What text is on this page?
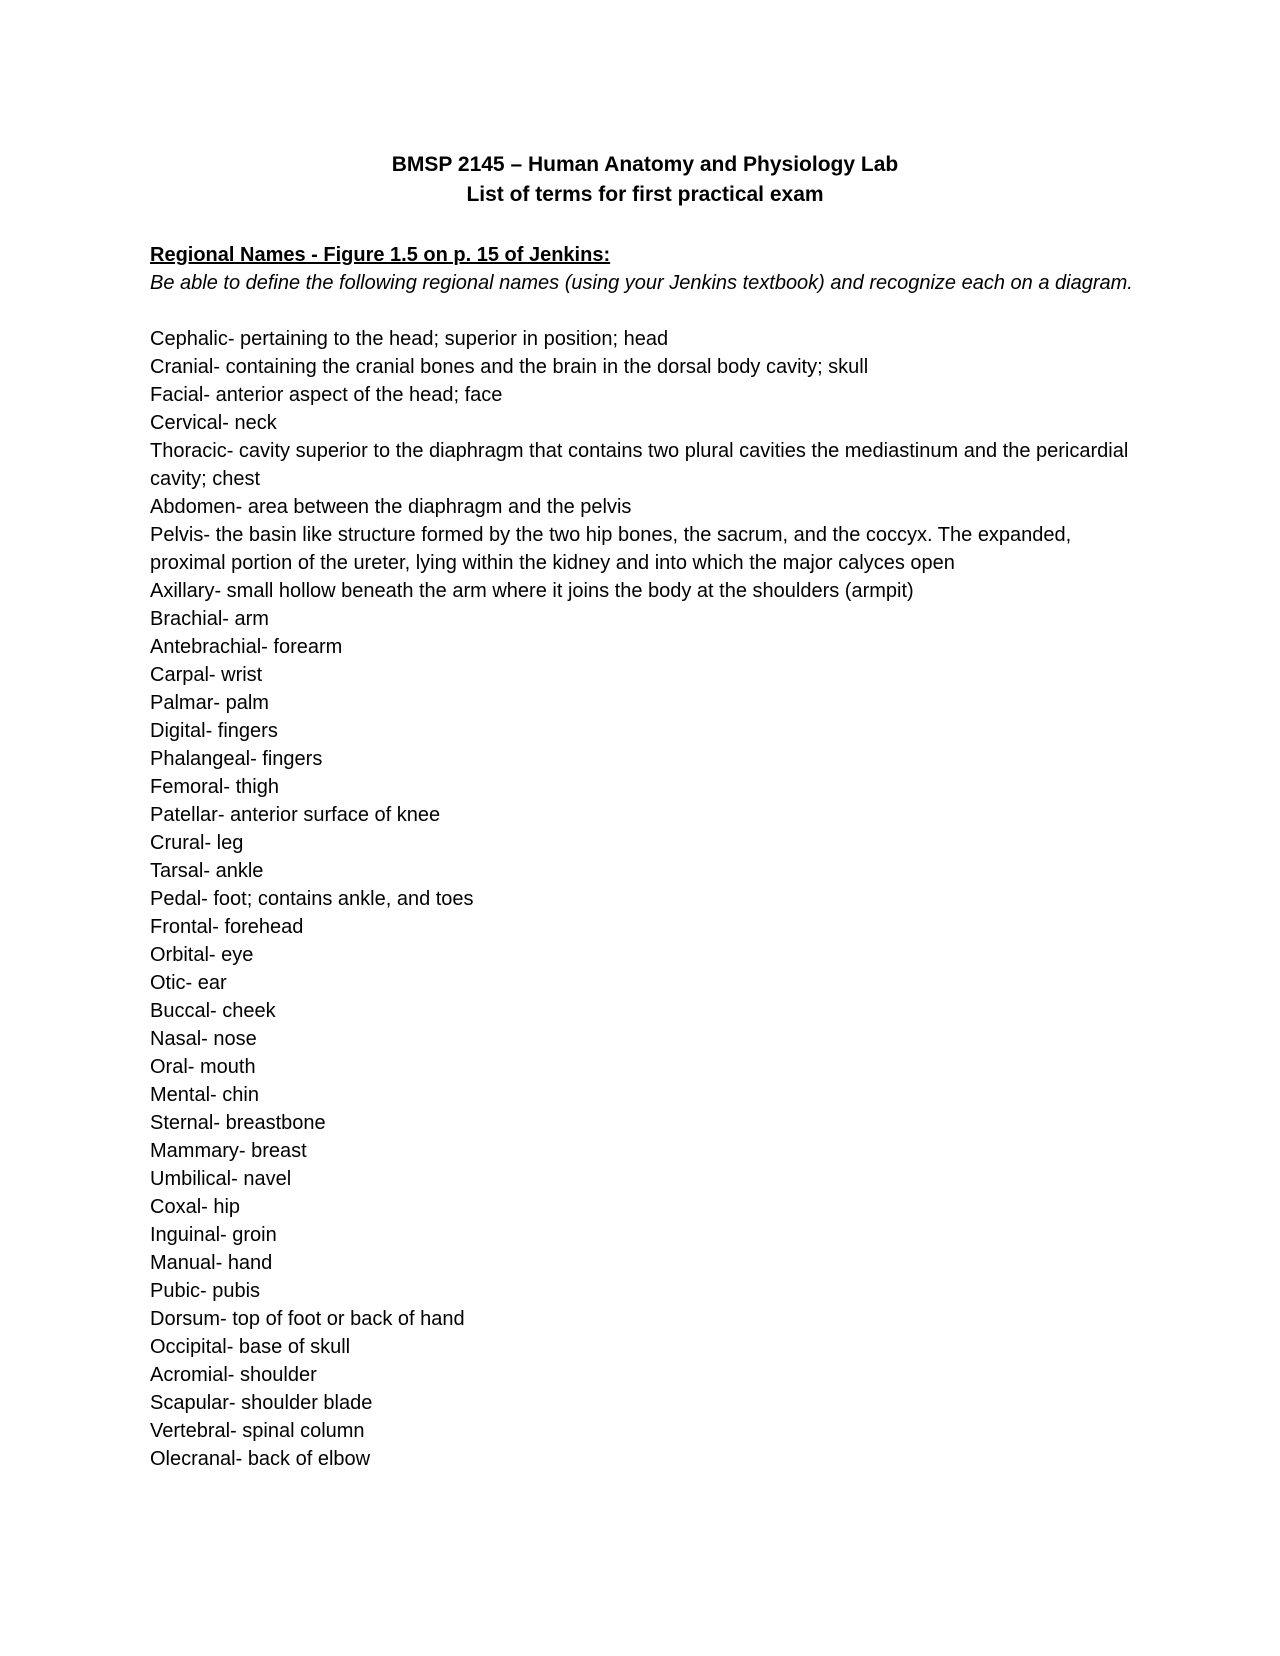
BMSP 2145 – Human Anatomy and Physiology Lab
List of terms for first practical exam
Regional Names - Figure 1.5 on p. 15 of Jenkins:
Be able to define the following regional names (using your Jenkins textbook) and recognize each on a diagram.
Cephalic- pertaining to the head; superior in position; head
Cranial- containing the cranial bones and the brain in the dorsal body cavity; skull
Facial- anterior aspect of the head; face
Cervical- neck
Thoracic- cavity superior to the diaphragm that contains two plural cavities the mediastinum and the pericardial cavity; chest
Abdomen- area between the diaphragm and the pelvis
Pelvis- the basin like structure formed by the two hip bones, the sacrum, and the coccyx. The expanded, proximal portion of the ureter, lying within the kidney and into which the major calyces open
Axillary- small hollow beneath the arm where it joins the body at the shoulders (armpit)
Brachial- arm
Antebrachial- forearm
Carpal- wrist
Palmar- palm
Digital- fingers
Phalangeal- fingers
Femoral- thigh
Patellar- anterior surface of knee
Crural- leg
Tarsal- ankle
Pedal- foot; contains ankle, and toes
Frontal- forehead
Orbital- eye
Otic- ear
Buccal- cheek
Nasal- nose
Oral- mouth
Mental- chin
Sternal- breastbone
Mammary- breast
Umbilical- navel
Coxal- hip
Inguinal- groin
Manual- hand
Pubic- pubis
Dorsum- top of foot or back of hand
Occipital- base of skull
Acromial- shoulder
Scapular- shoulder blade
Vertebral- spinal column
Olecranal- back of elbow
